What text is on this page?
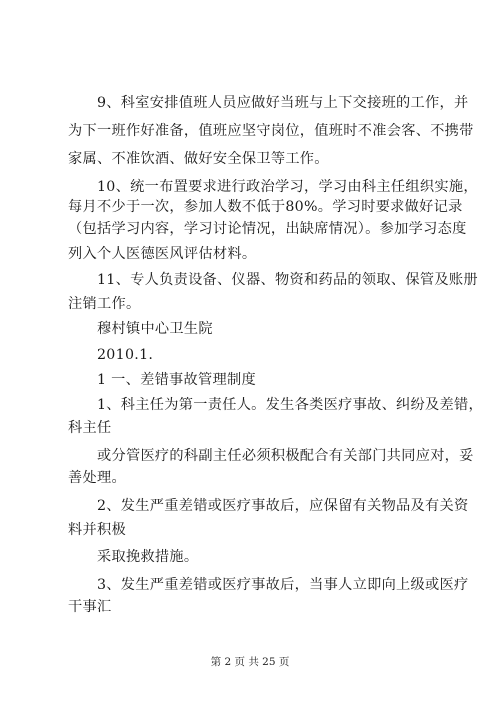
　　9、科室安排值班人员应做好当班与上下交接班的工作，并
为下一班作好准备，值班应坚守岗位，值班时不准会客、不携带
家属、不准饮酒、做好安全保卫等工作。
　　10、统一布置要求进行政治学习，学习由科主任组织实施，
每月不少于一次，参加人数不低于80%。学习时要求做好记录
（包括学习内容，学习讨论情况，出缺席情况）。参加学习态度
列入个人医德医风评估材料。
　　11、专人负责设备、仪器、物资和药品的领取、保管及账册
注销工作。
　　穆村镇中心卫生院
　　2010.1.
　　1 一、差错事故管理制度
　　1、科主任为第一责任人。发生各类医疗事故、纠纷及差错，
科主任
　　或分管医疗的科副主任必须积极配合有关部门共同应对，妥
善处理。
　　2、发生严重差错或医疗事故后，应保留有关物品及有关资
料并积极
　　采取挽救措施。
　　3、发生严重差错或医疗事故后，当事人立即向上级或医疗
干事汇
第 2 页 共 25 页
